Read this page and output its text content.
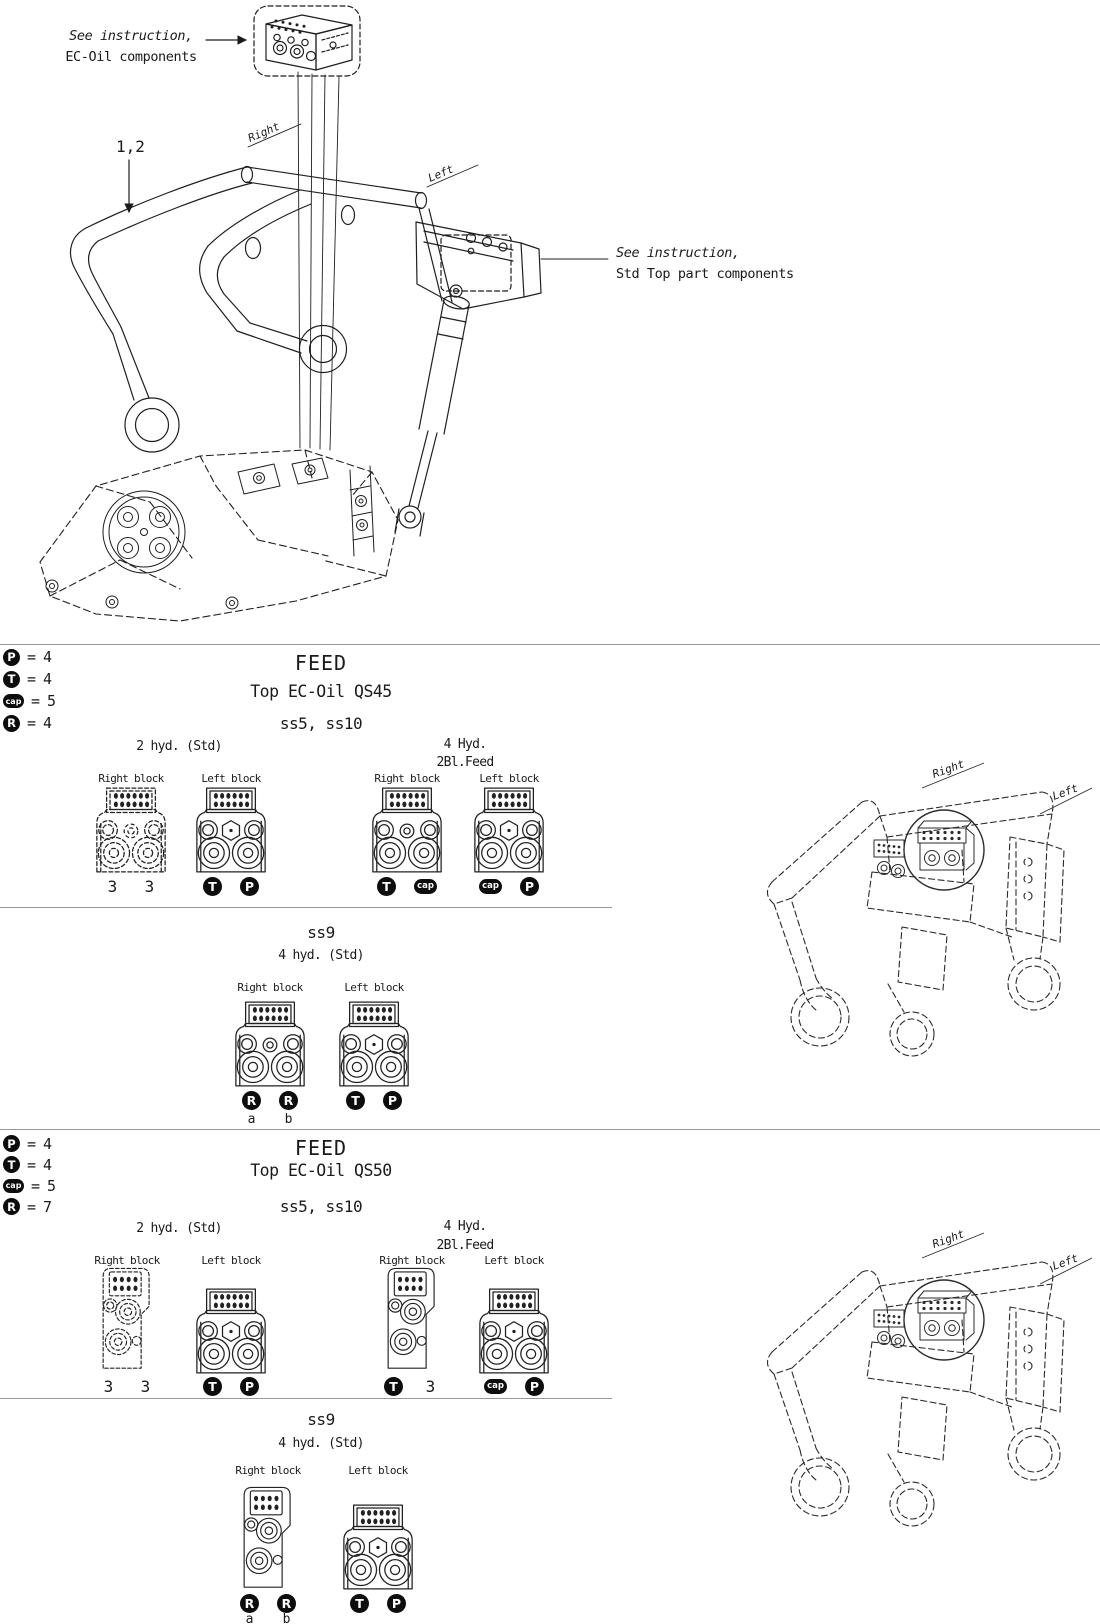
Right
Left
See instruction,
EC-Oil components
See instruction,
Std Top part components
1,2
P = 4
T = 4
cap = 5
R = 4
FEED
Top EC-Oil QS45
ss5, ss10
2 hyd. (Std)	4 Hyd.
2Bl.Feed
Right block	Left block	Right block	Left block
3 3	T	P	T	cap	cap	P
ss9
4 hyd. (Std)
Right block	Left block
R	R	T	P
a	b
Right
Left
P = 4
T = 4
cap = 5
R = 7
FEED
Top EC-Oil QS50
ss5, ss10
2 hyd. (Std)	4 Hyd.
2Bl.Feed
Right block	Left block	Right block	Left block
3 3	T	P	T	3	cap	P
ss9
4 hyd. (Std)
Right block	Left block
R	R	T	P
a	b
Right
Left
